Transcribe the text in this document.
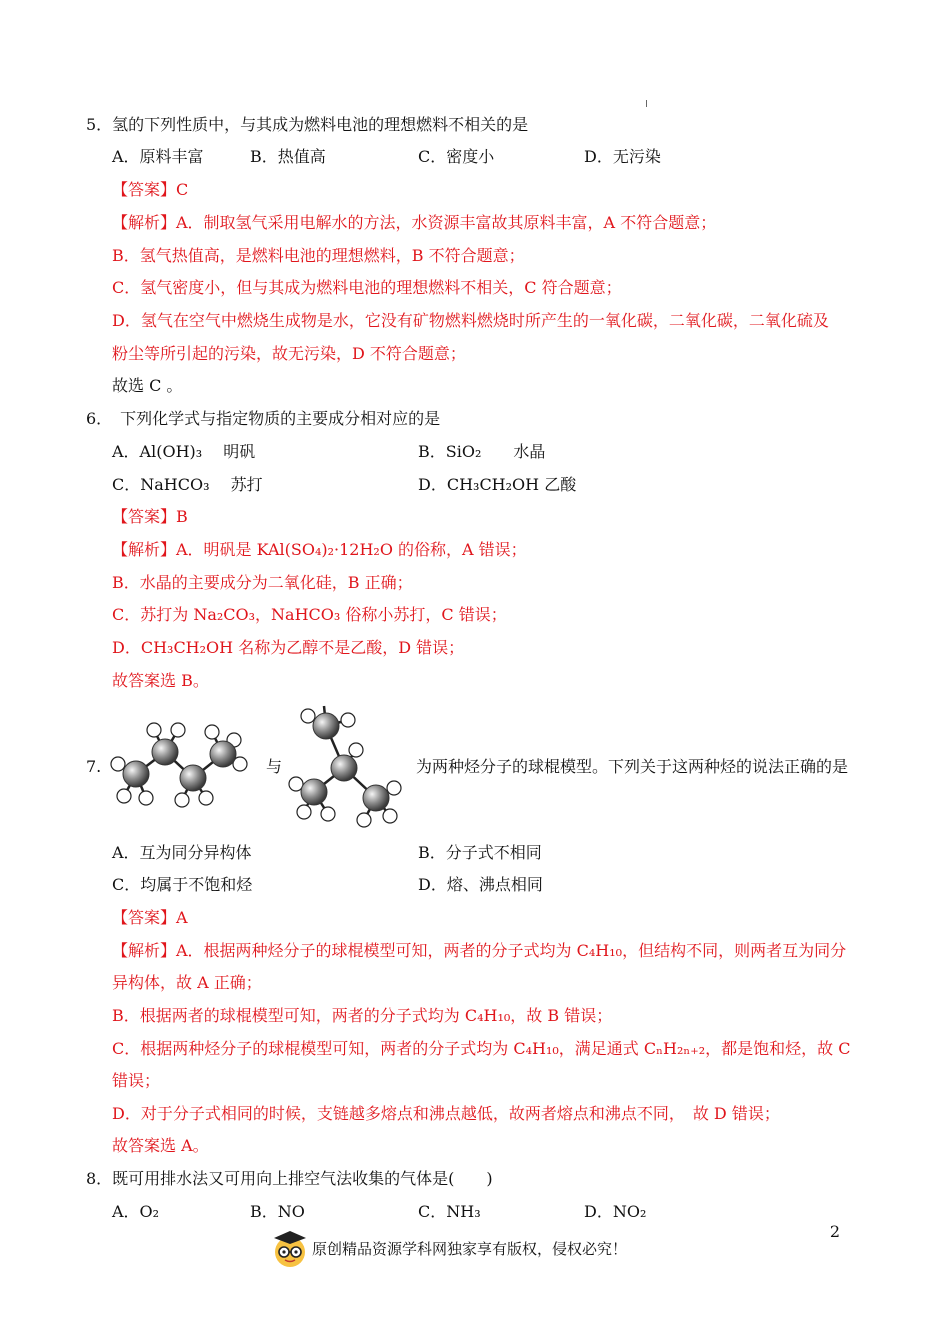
5．氢的下列性质中，与其成为燃料电池的理想燃料不相关的是
A．原料丰富	B．热值高	C．密度小	D．无污染
【答案】C
【解析】A．制取氢气采用电解水的方法，水资源丰富故其原料丰富，A 不符合题意；
B．氢气热值高，是燃料电池的理想燃料，B 不符合题意；
C．氢气密度小，但与其成为燃料电池的理想燃料不相关，C 符合题意；
D．氢气在空气中燃烧生成物是水，它没有矿物燃料燃烧时所产生的一氧化碳，二氧化碳，二氧化硫及
粉尘等所引起的污染，故无污染，D 不符合题意；
故选 C 。
6．　下列化学式与指定物质的主要成分相对应的是
A．Al(OH)₃　 明矾	B．SiO₂　　水晶
C．NaHCO₃　 苏打	D．CH₃CH₂OH 乙酸
【答案】B
【解析】A．明矾是 KAl(SO₄)₂·12H₂O 的俗称，A 错误；
B．水晶的主要成分为二氧化硅，B 正确；
C．苏打为 Na₂CO₃，NaHCO₃ 俗称小苏打，C 错误；
D．CH₃CH₂OH 名称为乙醇不是乙酸，D 错误；
故答案选 B。
7.	与	为两种烃分子的球棍模型。下列关于这两种烃的说法正确的是
A．互为同分异构体	B．分子式不相同
C．均属于不饱和烃	D．熔、沸点相同
【答案】A
【解析】A．根据两种烃分子的球棍模型可知，两者的分子式均为 C₄H₁₀，但结构不同，则两者互为同分
异构体，故 A 正确；
B．根据两者的球棍模型可知，两者的分子式均为 C₄H₁₀，故 B 错误；
C．根据两种烃分子的球棍模型可知，两者的分子式均为 C₄H₁₀，满足通式 CₙH₂ₙ₊₂，都是饱和烃，故 C
错误；
D．对于分子式相同的时候，支链越多熔点和沸点越低，故两者熔点和沸点不同，　故 D 错误；
故答案选 A。
8．既可用排水法又可用向上排空气法收集的气体是(　　)
A．O₂	B．NO	C．NH₃	D．NO₂
2
原创精品资源学科网独家享有版权，侵权必究！
